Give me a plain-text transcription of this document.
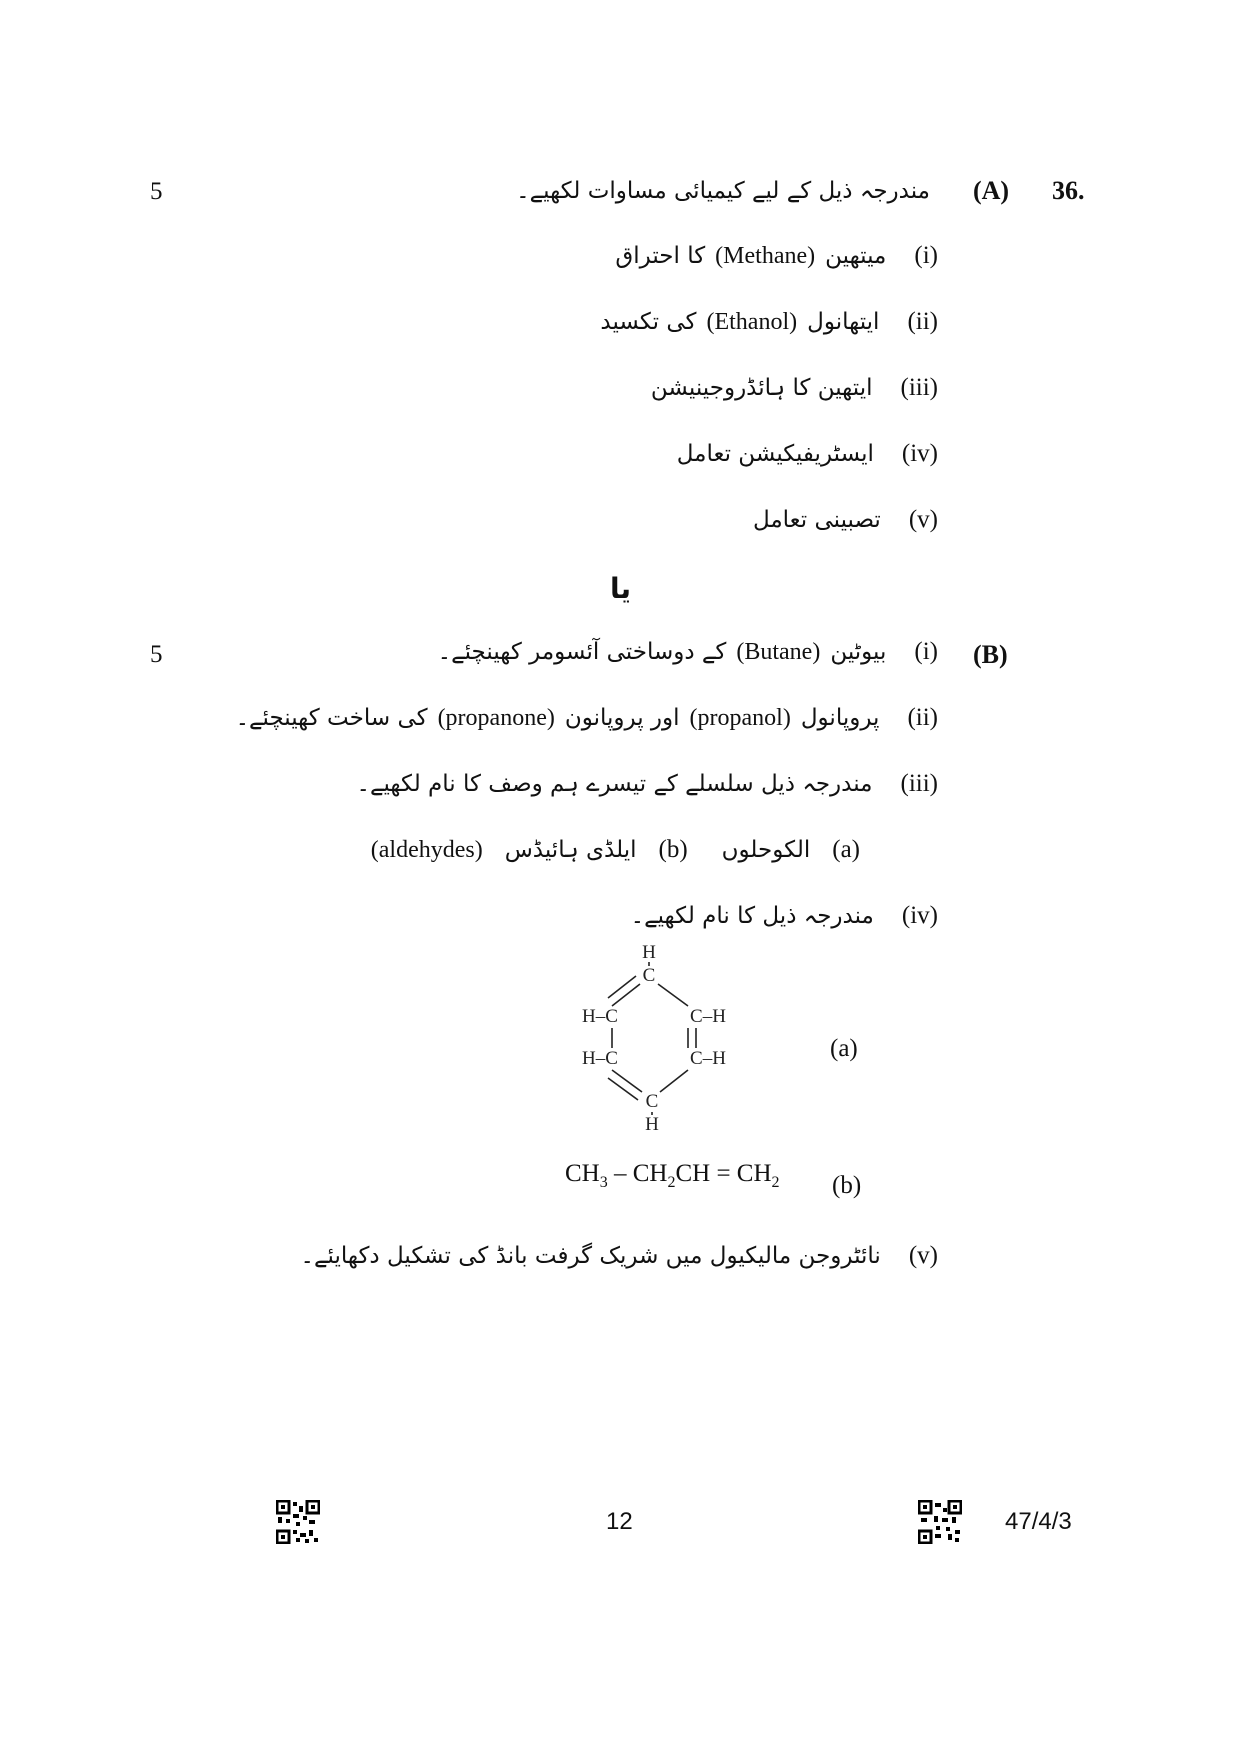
5
5
36.
(A)
مندرجہ ذیل کے لیے کیمیائی مساوات لکھیے۔
(i)
میتھین
(Methane)
کا احتراق
(ii)
ایتھانول
(Ethanol)
کی تکسید
(iii)
ایتھین کا ہائڈروجینیشن
(iv)
ایسٹریفیکیشن تعامل
(v)
تصبینی تعامل
یا
(B)
(i)
بیوٹین
(Butane)
کے دوساختی آئسومر کھینچئے۔
(ii)
پروپانول
(propanol)
اور پروپانون
(propanone)
کی ساخت کھینچئے۔
(iii)
مندرجہ ذیل سلسلے کے تیسرے ہم وصف کا نام لکھیے۔
(a)
الکوحلوں
(b)
ایلڈی ہائیڈس
(aldehydes)
(iv)
مندرجہ ذیل کا نام لکھیے۔
H
C
H–C	C–H
H–C	C–H
C
H
(a)
$CH_3 - CH_2CH = CH_2$ (b)
(v)
نائٹروجن مالیکیول میں شریک گرفت بانڈ کی تشکیل دکھایئے۔
12	47/4/3
